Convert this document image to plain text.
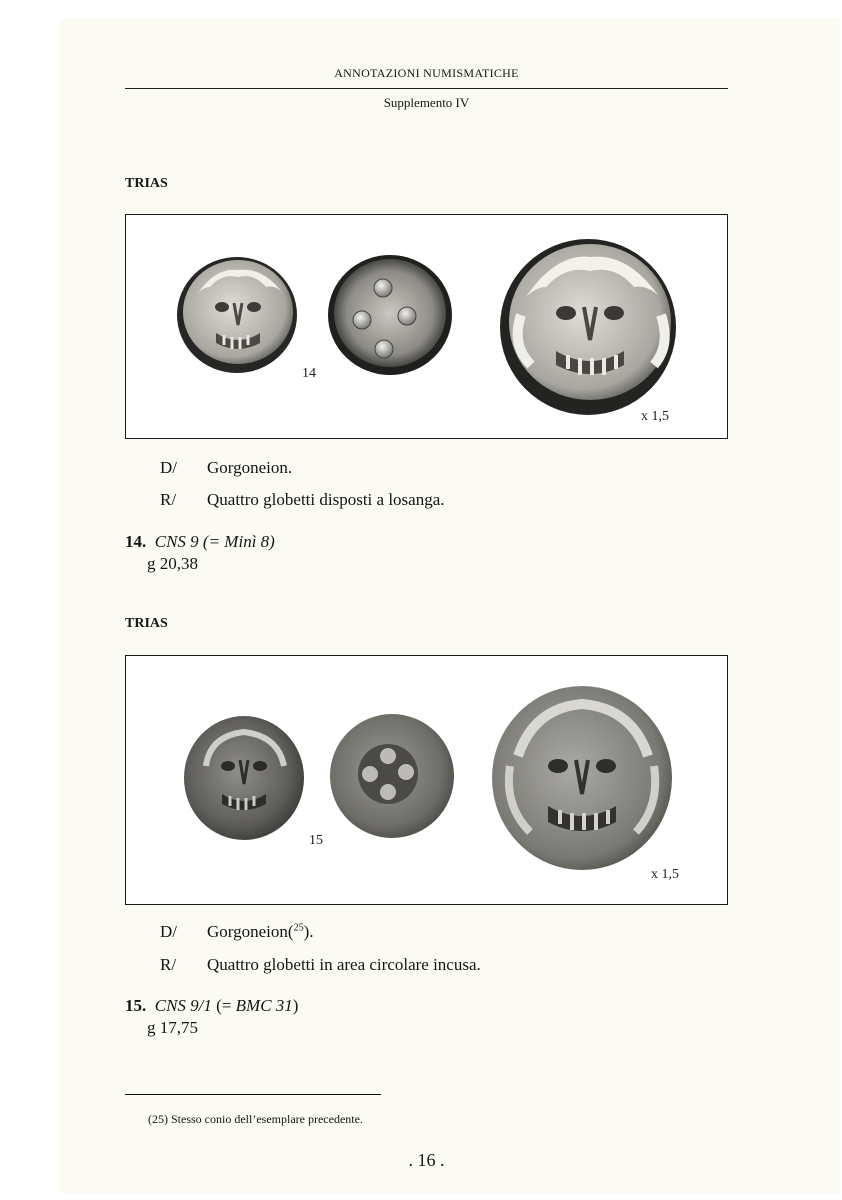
ANNOTAZIONI NUMISMATICHE
Supplemento IV
TRIAS
14
x 1,5
D/ Gorgoneion.
R/ Quattro globetti disposti a losanga.
14. CNS 9 (= Minì 8)
g 20,38
TRIAS
15
x 1,5
D/ Gorgoneion($^{25}$).
R/ Quattro globetti in area circolare incusa.
15. CNS 9/1 (= BMC 31)
g 17,75
(25) Stesso conio dell’esemplare precedente.
. 16 .
